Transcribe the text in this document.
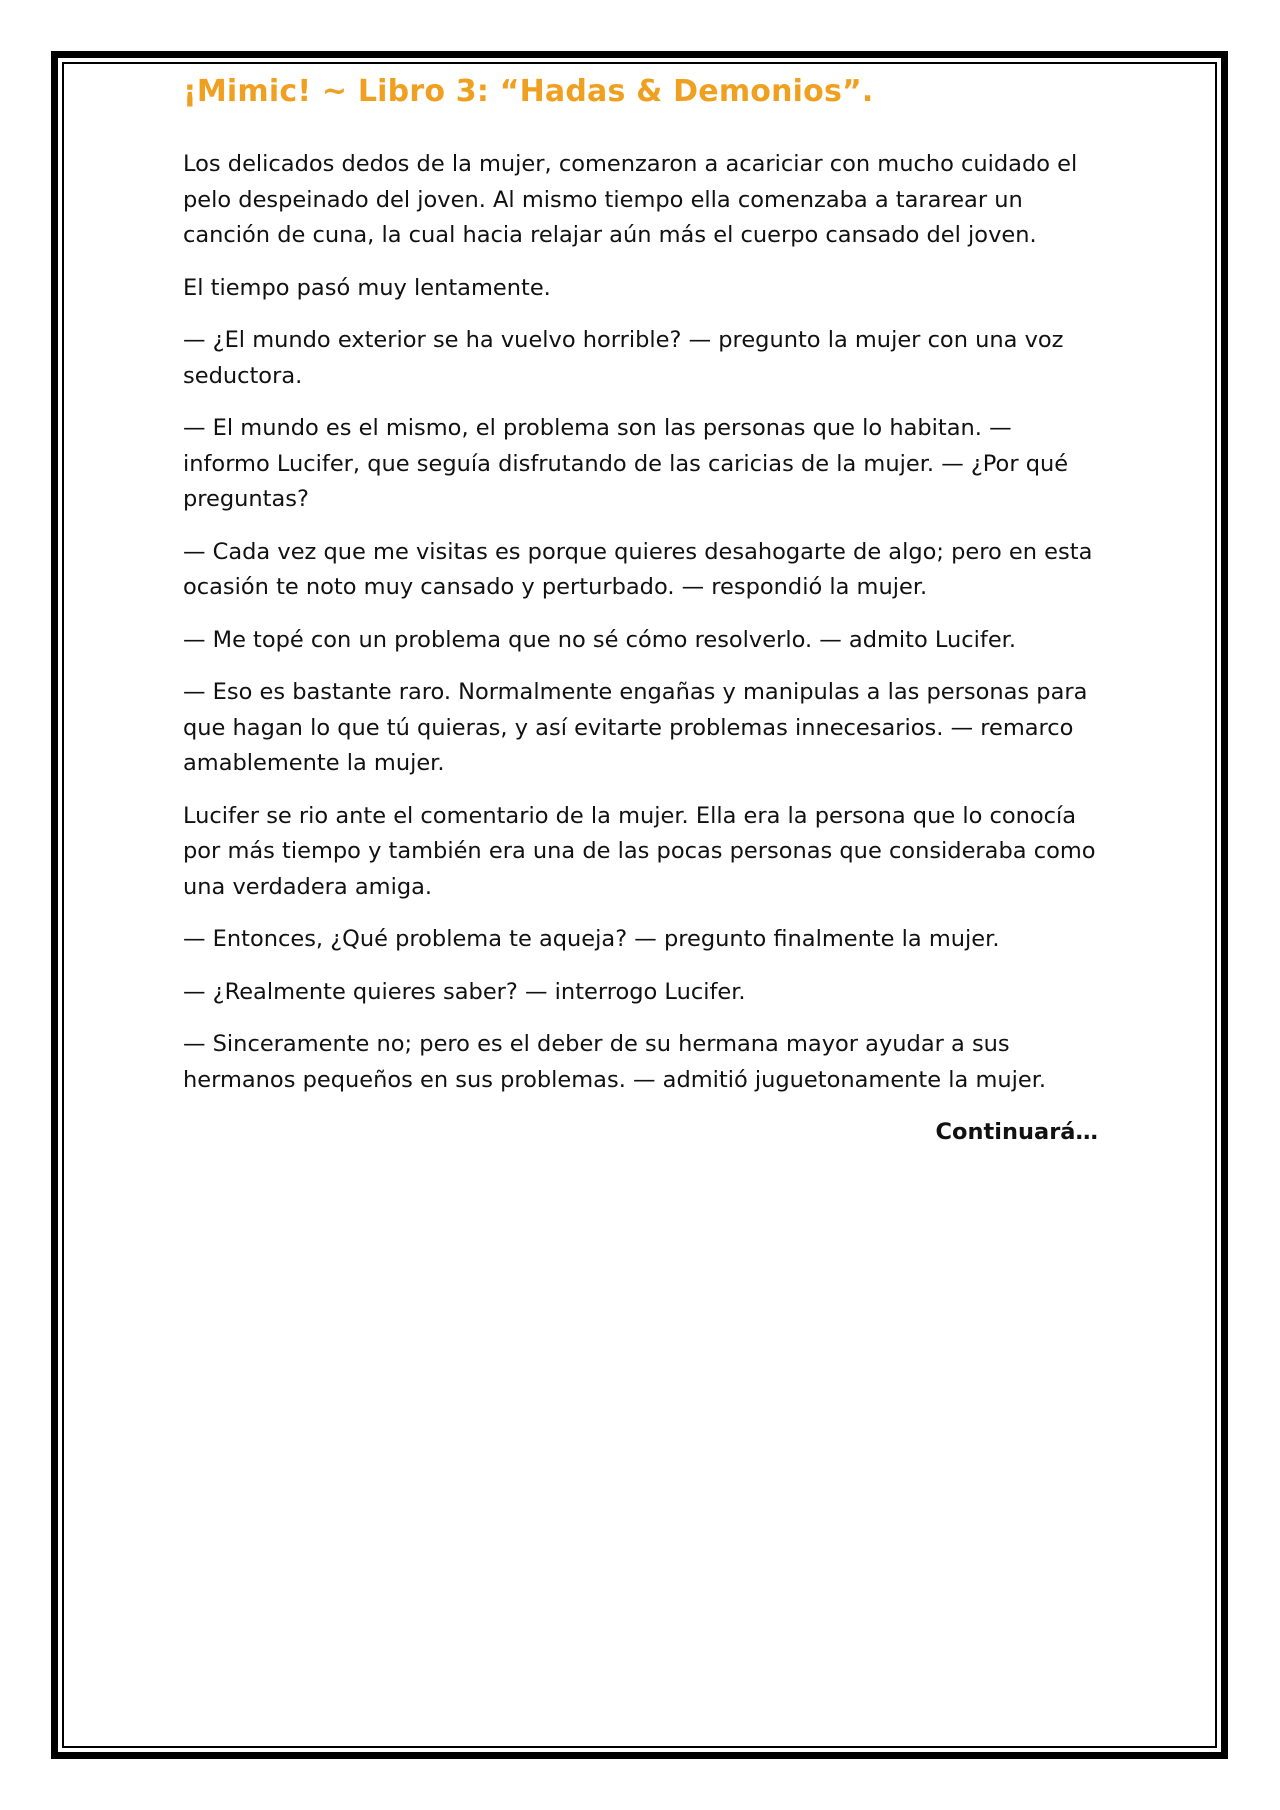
¡Mimic! ~ Libro 3: “Hadas & Demonios”.

Los delicados dedos de la mujer, comenzaron a acariciar con mucho cuidado el pelo despeinado del joven. Al mismo tiempo ella comenzaba a tararear un canción de cuna, la cual hacia relajar aún más el cuerpo cansado del joven.

El tiempo pasó muy lentamente.

— ¿El mundo exterior se ha vuelvo horrible? — pregunto la mujer con una voz seductora.

— El mundo es el mismo, el problema son las personas que lo habitan. — informo Lucifer, que seguía disfrutando de las caricias de la mujer. — ¿Por qué preguntas?

— Cada vez que me visitas es porque quieres desahogarte de algo; pero en esta ocasión te noto muy cansado y perturbado. — respondió la mujer.

— Me topé con un problema que no sé cómo resolverlo. — admito Lucifer.

— Eso es bastante raro. Normalmente engañas y manipulas a las personas para que hagan lo que tú quieras, y así evitarte problemas innecesarios. — remarco amablemente la mujer.

Lucifer se rio ante el comentario de la mujer. Ella era la persona que lo conocía por más tiempo y también era una de las pocas personas que consideraba como una verdadera amiga.

— Entonces, ¿Qué problema te aqueja? — pregunto finalmente la mujer.

— ¿Realmente quieres saber? — interrogo Lucifer.

— Sinceramente no; pero es el deber de su hermana mayor ayudar a sus hermanos pequeños en sus problemas. — admitió juguetonamente la mujer.

Continuará…
